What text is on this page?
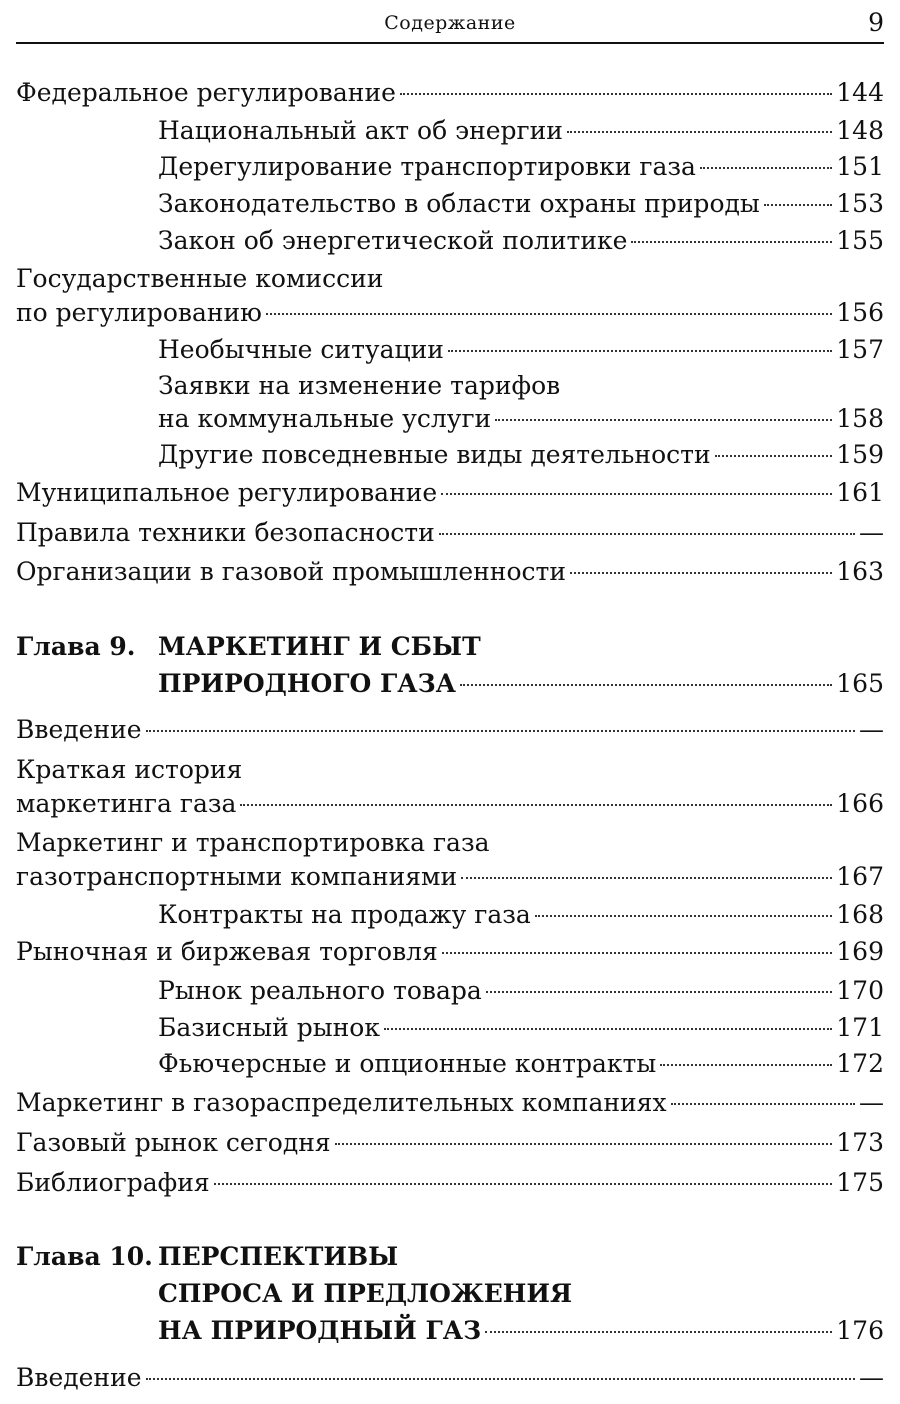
Содержание	9
Федеральное регулирование	144
Национальный акт об энергии	148
Дерегулирование транспортировки газа	151
Законодательство в области охраны природы	153
Закон об энергетической политике	155
Государственные комиссии
по регулированию	156
Необычные ситуации	157
Заявки на изменение тарифов
на коммунальные услуги	158
Другие повседневные виды деятельности	159
Муниципальное регулирование	161
Правила техники безопасности	—
Организации в газовой промышленности	163
Глава 9. МАРКЕТИНГ И СБЫТ
ПРИРОДНОГО ГАЗА	165
Введение	—
Краткая история
маркетинга газа	166
Маркетинг и транспортировка газа
газотранспортными компаниями	167
Контракты на продажу газа	168
Рыночная и биржевая торговля	169
Рынок реального товара	170
Базисный рынок	171
Фьючерсные и опционные контракты	172
Маркетинг в газораспределительных компаниях	—
Газовый рынок сегодня	173
Библиография	175
Глава 10. ПЕРСПЕКТИВЫ
СПРОСА И ПРЕДЛОЖЕНИЯ
НА ПРИРОДНЫЙ ГАЗ	176
Введение	—
